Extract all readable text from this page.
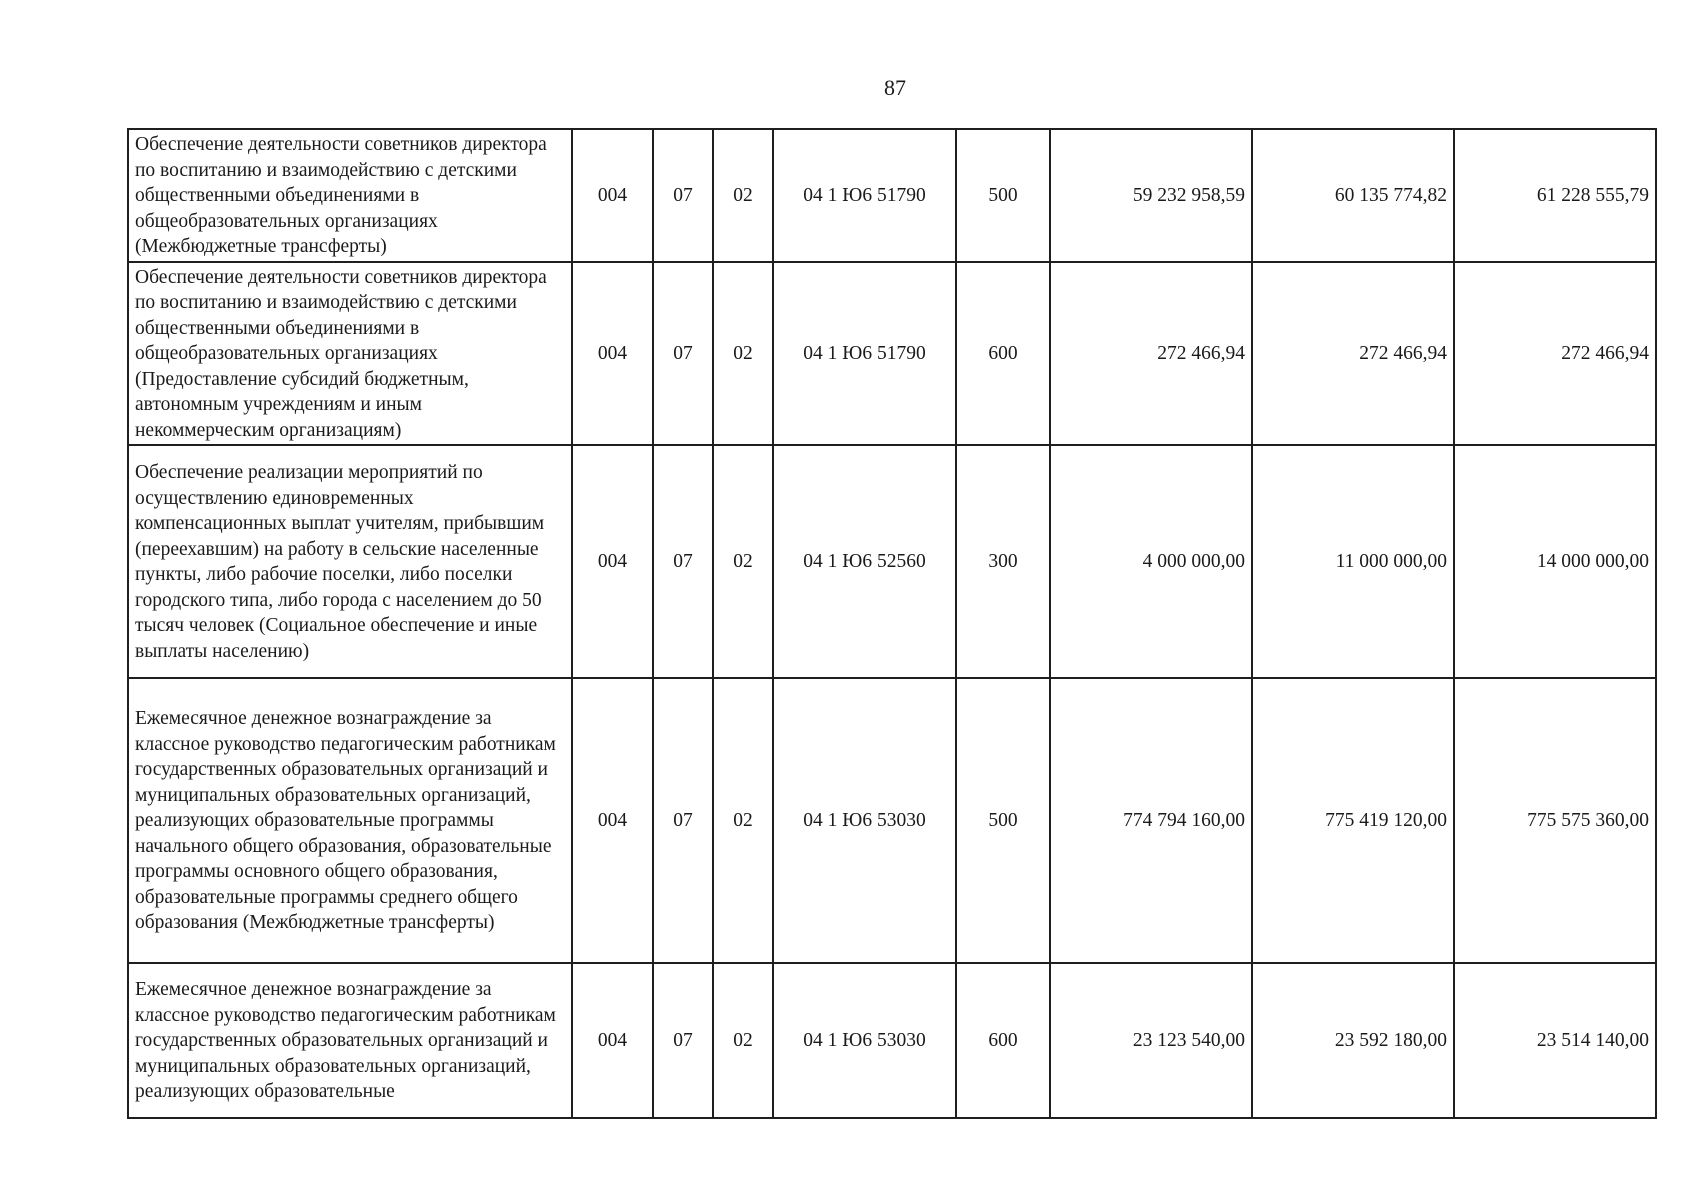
87
Обеспечение деятельности советников директора по воспитанию и взаимодействию с детскими общественными объединениями в общеобразовательных организациях (Межбюджетные трансферты)	004	07	02	04 1 Ю6 51790	500	59 232 958,59	60 135 774,82	61 228 555,79
Обеспечение деятельности советников директора по воспитанию и взаимодействию с детскими общественными объединениями в общеобразовательных организациях (Предоставление субсидий бюджетным, автономным учреждениям и иным некоммерческим организациям)	004	07	02	04 1 Ю6 51790	600	272 466,94	272 466,94	272 466,94
Обеспечение реализации мероприятий по осуществлению единовременных компенсационных выплат учителям, прибывшим (переехавшим) на работу в сельские населенные пункты, либо рабочие поселки, либо поселки городского типа, либо города с населением до 50 тысяч человек (Социальное обеспечение и иные выплаты населению)	004	07	02	04 1 Ю6 52560	300	4 000 000,00	11 000 000,00	14 000 000,00
Ежемесячное денежное вознаграждение за классное руководство педагогическим работникам государственных образовательных организаций и муниципальных образовательных организаций, реализующих образовательные программы начального общего образования, образовательные программы основного общего образования, образовательные программы среднего общего образования (Межбюджетные трансферты)	004	07	02	04 1 Ю6 53030	500	774 794 160,00	775 419 120,00	775 575 360,00
Ежемесячное денежное вознаграждение за классное руководство педагогическим работникам государственных образовательных организаций и муниципальных образовательных организаций, реализующих образовательные	004	07	02	04 1 Ю6 53030	600	23 123 540,00	23 592 180,00	23 514 140,00
